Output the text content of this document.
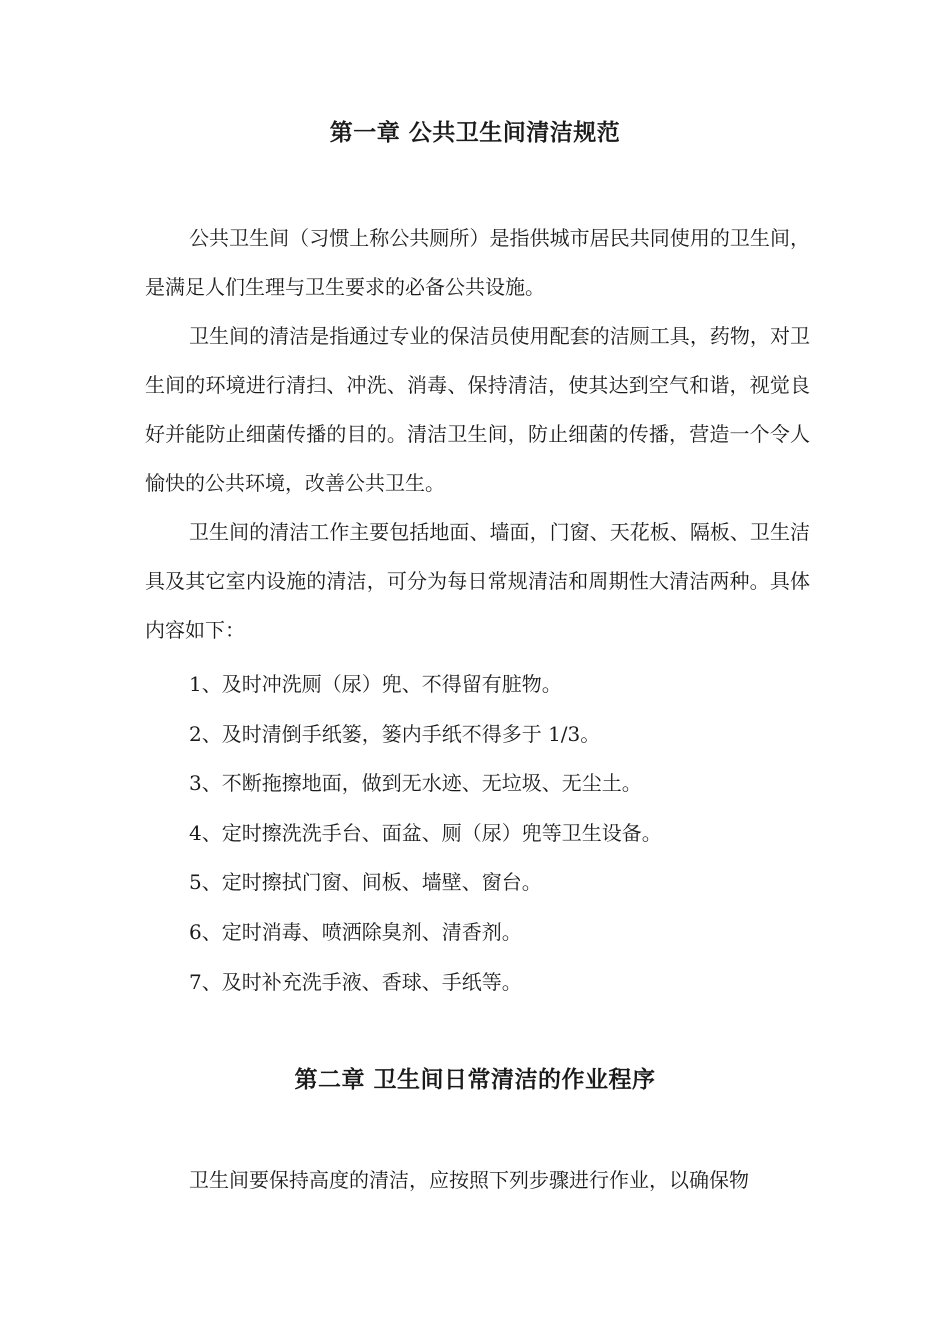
第一章 公共卫生间清洁规范

公共卫生间（习惯上称公共厕所）是指供城市居民共同使用的卫生间，是满足人们生理与卫生要求的必备公共设施。

卫生间的清洁是指通过专业的保洁员使用配套的洁厕工具，药物，对卫生间的环境进行清扫、冲洗、消毒、保持清洁，使其达到空气和谐，视觉良好并能防止细菌传播的目的。清洁卫生间，防止细菌的传播，营造一个令人愉快的公共环境，改善公共卫生。

卫生间的清洁工作主要包括地面、墙面，门窗、天花板、隔板、卫生洁具及其它室内设施的清洁，可分为每日常规清洁和周期性大清洁两种。具体内容如下：

1、及时冲洗厕（尿）兜、不得留有脏物。
2、及时清倒手纸篓，篓内手纸不得多于 1/3。
3、不断拖擦地面，做到无水迹、无垃圾、无尘土。
4、定时擦洗洗手台、面盆、厕（尿）兜等卫生设备。
5、定时擦拭门窗、间板、墙壁、窗台。
6、定时消毒、喷洒除臭剂、清香剂。
7、及时补充洗手液、香球、手纸等。
第二章 卫生间日常清洁的作业程序

卫生间要保持高度的清洁，应按照下列步骤进行作业，以确保物
